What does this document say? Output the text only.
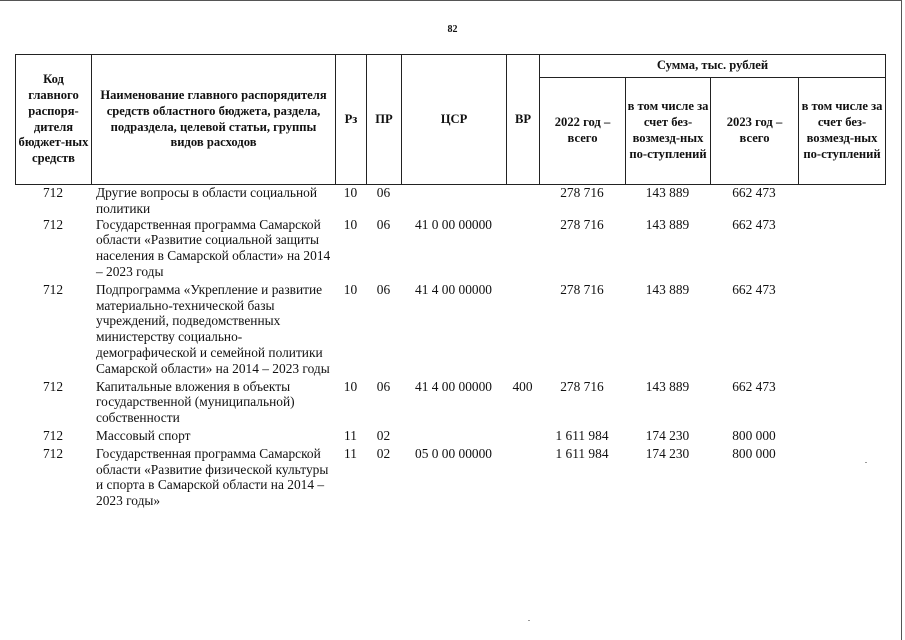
82
Код главного распоря-дителя бюджет-ных средств	Наименование главного распорядителя средств областного бюджета, раздела, подраздела, целевой статьи, группы видов расходов	Рз	ПР	ЦСР	ВР	Сумма, тыс. рублей			
						2022 год – всего	в том числе за счет без-возмезд-ных по-ступлений	2023 год – всего	в том числе за счет без-возмезд-ных по-ступлений
712	Другие вопросы в области социальной политики	10	06			278 716	143 889	662 473	
712	Государственная программа Самарской области «Развитие социальной защиты населения в Самарской области» на 2014 – 2023 годы	10	06	41 0 00 00000		278 716	143 889	662 473	
712	Подпрограмма «Укрепление и развитие материально-технической базы учреждений, подведомственных министерству социально-демографической и семейной политики Самарской области» на 2014 – 2023 годы	10	06	41 4 00 00000		278 716	143 889	662 473	
712	Капитальные вложения в объекты государственной (муниципальной) собственности	10	06	41 4 00 00000	400	278 716	143 889	662 473	
712	Массовый спорт	11	02			1 611 984	174 230	800 000	
712	Государственная программа Самарской области «Развитие физической культуры и спорта в Самарской области на 2014 – 2023 годы»	11	02	05 0 00 00000		1 611 984	174 230	800 000	
